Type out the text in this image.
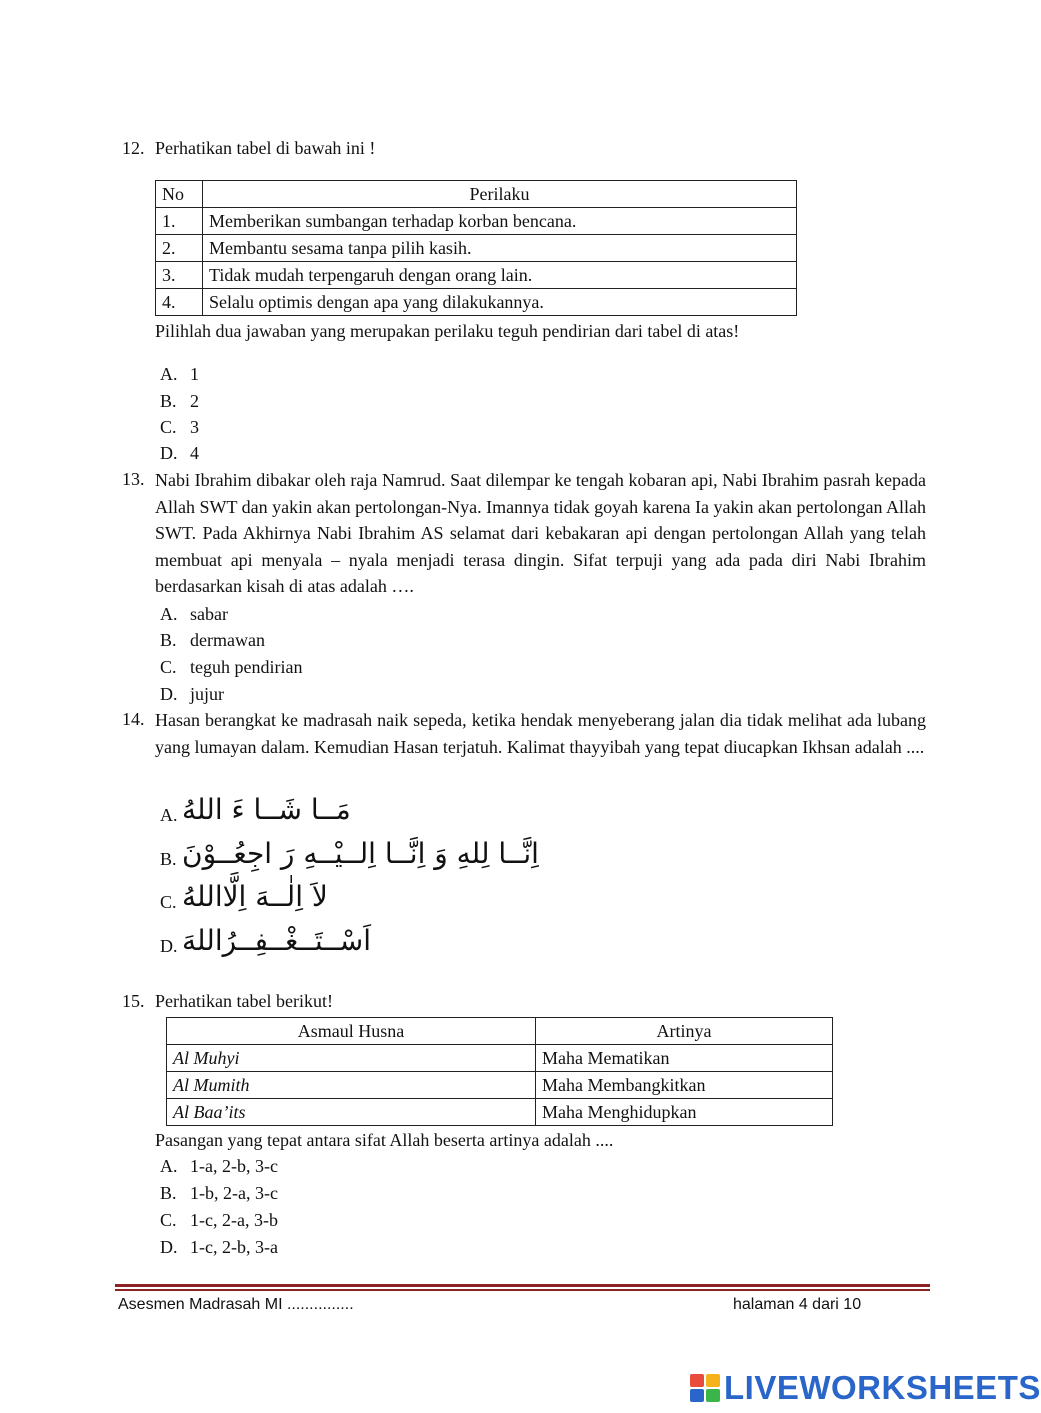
12. Perhatikan tabel di bawah ini !
No	Perilaku
1.	Memberikan sumbangan terhadap korban bencana.
2.	Membantu sesama tanpa pilih kasih.
3.	Tidak mudah terpengaruh dengan orang lain.
4.	Selalu optimis dengan apa yang dilakukannya.
Pilihlah dua jawaban yang merupakan perilaku teguh pendirian dari tabel di atas!
A. 1
B. 2
C. 3
D. 4
13. Nabi Ibrahim dibakar oleh raja Namrud. Saat dilempar ke tengah kobaran api, Nabi Ibrahim pasrah kepada Allah SWT dan yakin akan pertolongan-Nya. Imannya tidak goyah karena Ia yakin akan pertolongan Allah SWT. Pada Akhirnya Nabi Ibrahim AS selamat dari kebakaran api dengan pertolongan Allah yang telah membuat api menyala – nyala menjadi terasa dingin. Sifat terpuji yang ada pada diri Nabi Ibrahim berdasarkan kisah di atas adalah ….
A. sabar
B. dermawan
C. teguh pendirian
D. jujur
14. Hasan berangkat ke madrasah naik sepeda, ketika hendak menyeberang jalan dia tidak melihat ada lubang yang lumayan dalam. Kemudian Hasan terjatuh. Kalimat thayyibah yang tepat diucapkan Ikhsan adalah ....
A. مَــا شَــا ءَ اللهُ
B. اِنَّــا لِلهِ وَ اِنَّــا اِلــيْــهِ رَ اجِعُــوْنَ
C. لاَ اِلٰــهَ اِلَّااللهُ
D. اَسْــتَــغْــفِــرُاللهَ
15. Perhatikan tabel berikut!
Asmaul Husna	Artinya
Al Muhyi	Maha Mematikan
Al Mumith	Maha Membangkitkan
Al Baa’its	Maha Menghidupkan
Pasangan yang tepat antara sifat Allah beserta artinya adalah ....
A. 1-a, 2-b, 3-c
B. 1-b, 2-a, 3-c
C. 1-c, 2-a, 3-b
D. 1-c, 2-b, 3-a
Asesmen Madrasah MI ...............	halaman 4 dari 10
LIVEWORKSHEETS
